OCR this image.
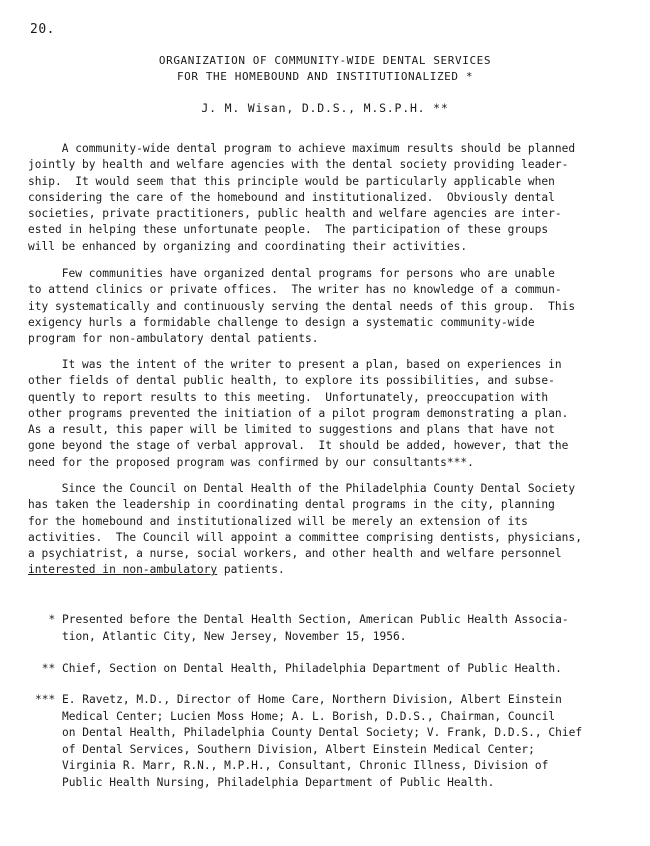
20.
ORGANIZATION OF COMMUNITY-WIDE DENTAL SERVICES
FOR THE HOMEBOUND AND INSTITUTIONALIZED *
J. M. Wisan, D.D.S., M.S.P.H. **
A community-wide dental program to achieve maximum results should be planned
jointly by health and welfare agencies with the dental society providing leader-
ship.  It would seem that this principle would be particularly applicable when
considering the care of the homebound and institutionalized.  Obviously dental
societies, private practitioners, public health and welfare agencies are inter-
ested in helping these unfortunate people.  The participation of these groups
will be enhanced by organizing and coordinating their activities.
Few communities have organized dental programs for persons who are unable
to attend clinics or private offices.  The writer has no knowledge of a commun-
ity systematically and continuously serving the dental needs of this group.  This
exigency hurls a formidable challenge to design a systematic community-wide
program for non-ambulatory dental patients.
It was the intent of the writer to present a plan, based on experiences in
other fields of dental public health, to explore its possibilities, and subse-
quently to report results to this meeting.  Unfortunately, preoccupation with
other programs prevented the initiation of a pilot program demonstrating a plan.
As a result, this paper will be limited to suggestions and plans that have not
gone beyond the stage of verbal approval.  It should be added, however, that the
need for the proposed program was confirmed by our consultants***.
Since the Council on Dental Health of the Philadelphia County Dental Society
has taken the leadership in coordinating dental programs in the city, planning
for the homebound and institutionalized will be merely an extension of its
activities.  The Council will appoint a committee comprising dentists, physicians,
a psychiatrist, a nurse, social workers, and other health and welfare personnel
interested in non-ambulatory patients.
* Presented before the Dental Health Section, American Public Health Associa-
tion, Atlantic City, New Jersey, November 15, 1956.
** Chief, Section on Dental Health, Philadelphia Department of Public Health.
*** E. Ravetz, M.D., Director of Home Care, Northern Division, Albert Einstein
Medical Center; Lucien Moss Home; A. L. Borish, D.D.S., Chairman, Council
on Dental Health, Philadelphia County Dental Society; V. Frank, D.D.S., Chief
of Dental Services, Southern Division, Albert Einstein Medical Center;
Virginia R. Marr, R.N., M.P.H., Consultant, Chronic Illness, Division of
Public Health Nursing, Philadelphia Department of Public Health.
